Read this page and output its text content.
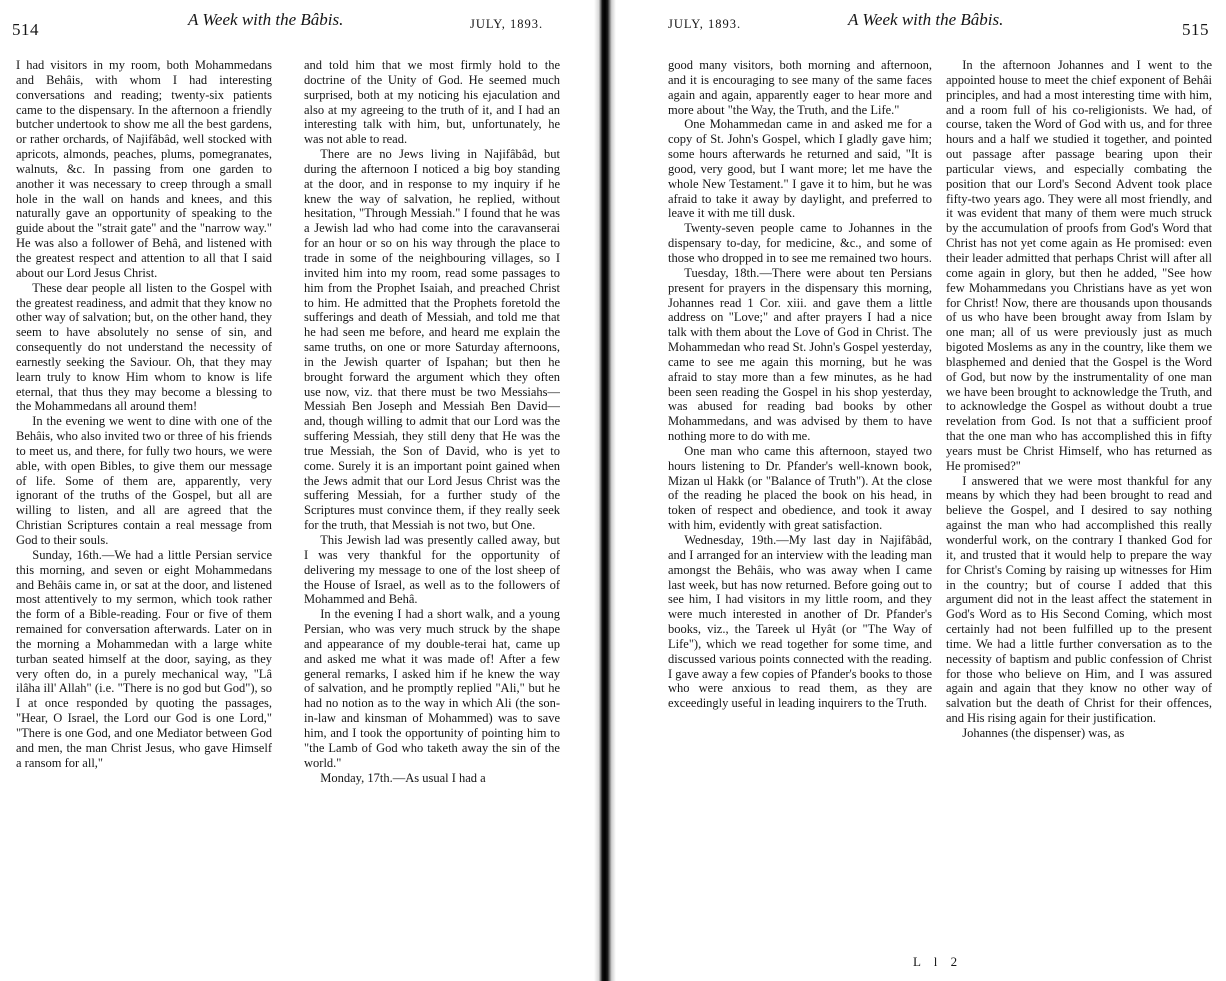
514
A Week with the Bâbis.	JULY, 1893.

I had visitors in my room, both Mohammedans and Behâis, with whom I had interesting conversations and reading; twenty-six patients came to the dispensary. In the afternoon a friendly butcher undertook to show me all the best gardens, or rather orchards, of Najifâbâd, well stocked with apricots, almonds, peaches, plums, pomegranates, walnuts, &c. In passing from one garden to another it was necessary to creep through a small hole in the wall on hands and knees, and this naturally gave an opportunity of speaking to the guide about the "strait gate" and the "narrow way." He was also a follower of Behâ, and listened with the greatest respect and attention to all that I said about our Lord Jesus Christ.

These dear people all listen to the Gospel with the greatest readiness, and admit that they know no other way of salvation; but, on the other hand, they seem to have absolutely no sense of sin, and consequently do not understand the necessity of earnestly seeking the Saviour. Oh, that they may learn truly to know Him whom to know is life eternal, that thus they may become a blessing to the Mohammedans all around them!

In the evening we went to dine with one of the Behâis, who also invited two or three of his friends to meet us, and there, for fully two hours, we were able, with open Bibles, to give them our message of life. Some of them are, apparently, very ignorant of the truths of the Gospel, but all are willing to listen, and all are agreed that the Christian Scriptures contain a real message from God to their souls.

Sunday, 16th.—We had a little Persian service this morning, and seven or eight Mohammedans and Behâis came in, or sat at the door, and listened most attentively to my sermon, which took rather the form of a Bible-reading. Four or five of them remained for conversation afterwards. Later on in the morning a Mohammedan with a large white turban seated himself at the door, saying, as they very often do, in a purely mechanical way, "Lâ ilâha ill' Allah" (i.e. "There is no god but God"), so I at once responded by quoting the passages, "Hear, O Israel, the Lord our God is one Lord," "There is one God, and one Mediator between God and men, the man Christ Jesus, who gave Himself a ransom for all,"

and told him that we most firmly hold to the doctrine of the Unity of God. He seemed much surprised, both at my noticing his ejaculation and also at my agreeing to the truth of it, and I had an interesting talk with him, but, unfortunately, he was not able to read.

There are no Jews living in Najifâbâd, but during the afternoon I noticed a big boy standing at the door, and in response to my inquiry if he knew the way of salvation, he replied, without hesitation, "Through Messiah." I found that he was a Jewish lad who had come into the caravanserai for an hour or so on his way through the place to trade in some of the neighbouring villages, so I invited him into my room, read some passages to him from the Prophet Isaiah, and preached Christ to him. He admitted that the Prophets foretold the sufferings and death of Messiah, and told me that he had seen me before, and heard me explain the same truths, on one or more Saturday afternoons, in the Jewish quarter of Ispahan; but then he brought forward the argument which they often use now, viz. that there must be two Messiahs—Messiah Ben Joseph and Messiah Ben David—and, though willing to admit that our Lord was the suffering Messiah, they still deny that He was the true Messiah, the Son of David, who is yet to come. Surely it is an important point gained when the Jews admit that our Lord Jesus Christ was the suffering Messiah, for a further study of the Scriptures must convince them, if they really seek for the truth, that Messiah is not two, but One.

This Jewish lad was presently called away, but I was very thankful for the opportunity of delivering my message to one of the lost sheep of the House of Israel, as well as to the followers of Mohammed and Behâ.

In the evening I had a short walk, and a young Persian, who was very much struck by the shape and appearance of my double-terai hat, came up and asked me what it was made of! After a few general remarks, I asked him if he knew the way of salvation, and he promptly replied "Ali," but he had no notion as to the way in which Ali (the son-in-law and kinsman of Mohammed) was to save him, and I took the opportunity of pointing him to "the Lamb of God who taketh away the sin of the world."

Monday, 17th.—As usual I had a

JULY, 1893.	A Week with the Bâbis.
515

good many visitors, both morning and afternoon, and it is encouraging to see many of the same faces again and again, apparently eager to hear more and more about "the Way, the Truth, and the Life."

One Mohammedan came in and asked me for a copy of St. John's Gospel, which I gladly gave him; some hours afterwards he returned and said, "It is good, very good, but I want more; let me have the whole New Testament." I gave it to him, but he was afraid to take it away by daylight, and preferred to leave it with me till dusk.

Twenty-seven people came to Johannes in the dispensary to-day, for medicine, &c., and some of those who dropped in to see me remained two hours.

Tuesday, 18th.—There were about ten Persians present for prayers in the dispensary this morning, Johannes read 1 Cor. xiii. and gave them a little address on "Love;" and after prayers I had a nice talk with them about the Love of God in Christ. The Mohammedan who read St. John's Gospel yesterday, came to see me again this morning, but he was afraid to stay more than a few minutes, as he had been seen reading the Gospel in his shop yesterday, was abused for reading bad books by other Mohammedans, and was advised by them to have nothing more to do with me.

One man who came this afternoon, stayed two hours listening to Dr. Pfander's well-known book, Mizan ul Hakk (or "Balance of Truth"). At the close of the reading he placed the book on his head, in token of respect and obedience, and took it away with him, evidently with great satisfaction.

Wednesday, 19th.—My last day in Najifâbâd, and I arranged for an interview with the leading man amongst the Behâis, who was away when I came last week, but has now returned. Before going out to see him, I had visitors in my little room, and they were much interested in another of Dr. Pfander's books, viz., the Tareek ul Hyât (or "The Way of Life"), which we read together for some time, and discussed various points connected with the reading. I gave away a few copies of Pfander's books to those who were anxious to read them, as they are exceedingly useful in leading inquirers to the Truth.

In the afternoon Johannes and I went to the appointed house to meet the chief exponent of Behâi principles, and had a most interesting time with him, and a room full of his co-religionists. We had, of course, taken the Word of God with us, and for three hours and a half we studied it together, and pointed out passage after passage bearing upon their particular views, and especially combating the position that our Lord's Second Advent took place fifty-two years ago. They were all most friendly, and it was evident that many of them were much struck by the accumulation of proofs from God's Word that Christ has not yet come again as He promised: even their leader admitted that perhaps Christ will after all come again in glory, but then he added, "See how few Mohammedans you Christians have as yet won for Christ! Now, there are thousands upon thousands of us who have been brought away from Islam by one man; all of us were previously just as much bigoted Moslems as any in the country, like them we blasphemed and denied that the Gospel is the Word of God, but now by the instrumentality of one man we have been brought to acknowledge the Truth, and to acknowledge the Gospel as without doubt a true revelation from God. Is not that a sufficient proof that the one man who has accomplished this in fifty years must be Christ Himself, who has returned as He promised?"

I answered that we were most thankful for any means by which they had been brought to read and believe the Gospel, and I desired to say nothing against the man who had accomplished this really wonderful work, on the contrary I thanked God for it, and trusted that it would help to prepare the way for Christ's Coming by raising up witnesses for Him in the country; but of course I added that this argument did not in the least affect the statement in God's Word as to His Second Coming, which most certainly had not been fulfilled up to the present time. We had a little further conversation as to the necessity of baptism and public confession of Christ for those who believe on Him, and I was assured again and again that they know no other way of salvation but the death of Christ for their offences, and His rising again for their justification.

Johannes (the dispenser) was, as

L l 2
